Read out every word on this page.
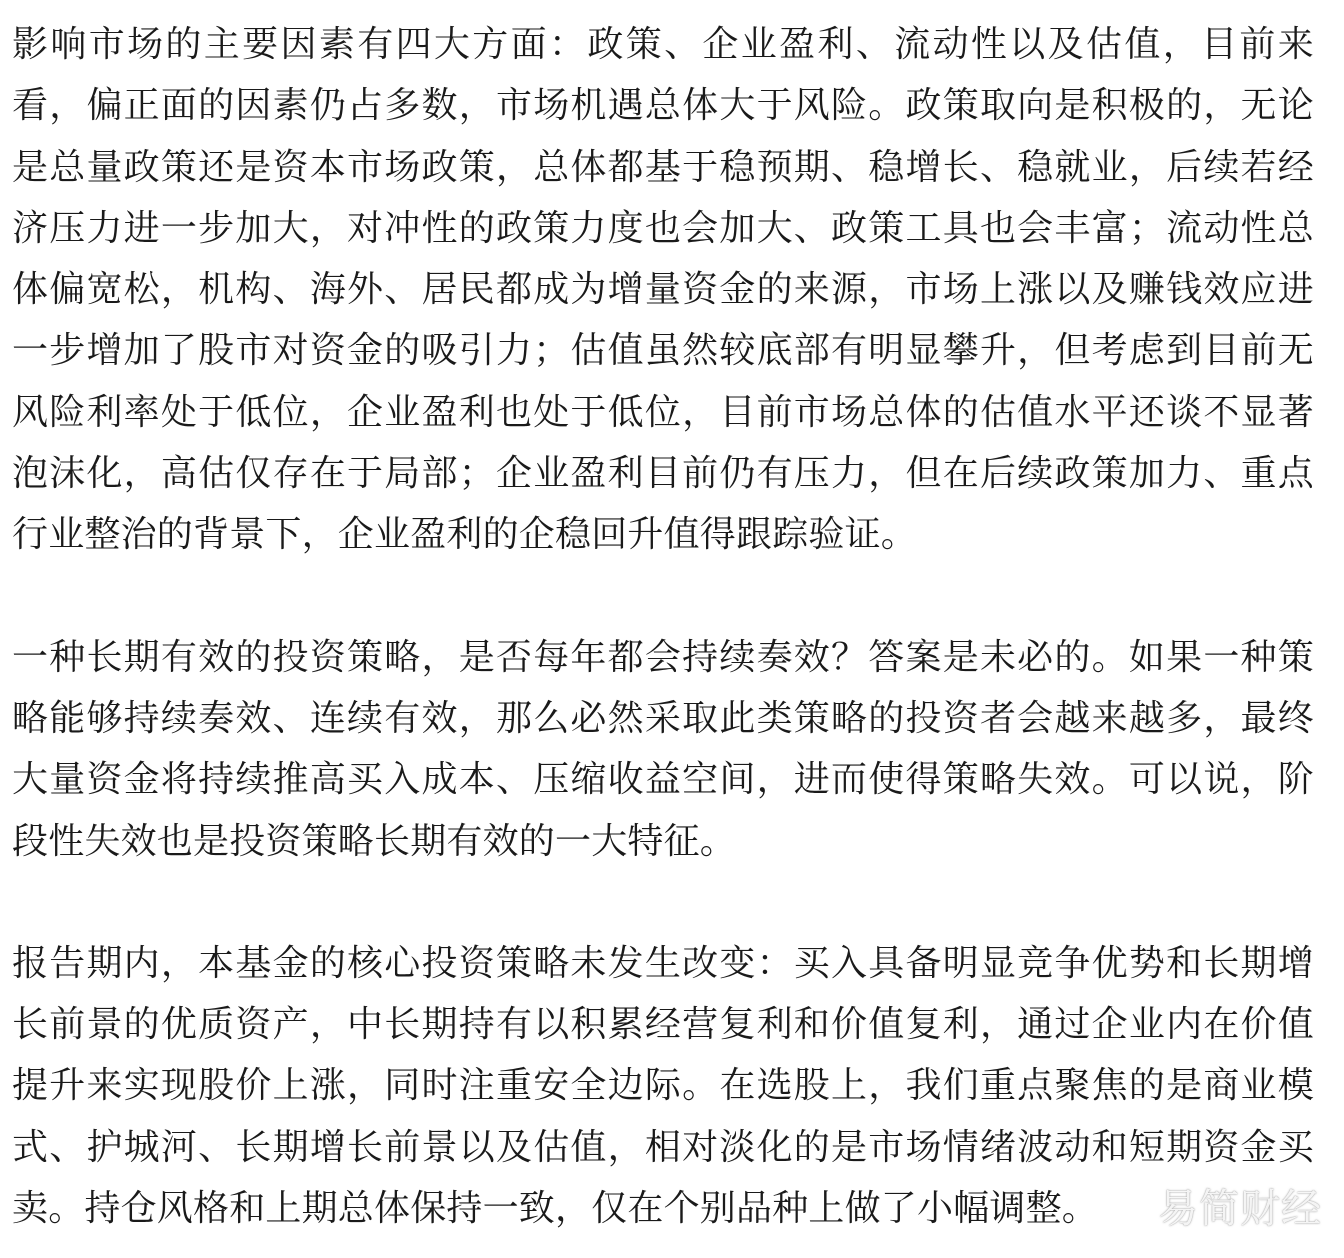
影响市场的主要因素有四大方面：政策、企业盈利、流动性以及估值，目前来看，偏正面的因素仍占多数，市场机遇总体大于风险。政策取向是积极的，无论是总量政策还是资本市场政策，总体都基于稳预期、稳增长、稳就业，后续若经济压力进一步加大，对冲性的政策力度也会加大、政策工具也会丰富；流动性总体偏宽松，机构、海外、居民都成为增量资金的来源，市场上涨以及赚钱效应进一步增加了股市对资金的吸引力；估值虽然较底部有明显攀升，但考虑到目前无风险利率处于低位，企业盈利也处于低位，目前市场总体的估值水平还谈不显著泡沫化，高估仅存在于局部；企业盈利目前仍有压力，但在后续政策加力、重点行业整治的背景下，企业盈利的企稳回升值得跟踪验证。

一种长期有效的投资策略，是否每年都会持续奏效？答案是未必的。如果一种策略能够持续奏效、连续有效，那么必然采取此类策略的投资者会越来越多，最终大量资金将持续推高买入成本、压缩收益空间，进而使得策略失效。可以说，阶段性失效也是投资策略长期有效的一大特征。

报告期内，本基金的核心投资策略未发生改变：买入具备明显竞争优势和长期增长前景的优质资产，中长期持有以积累经营复利和价值复利，通过企业内在价值提升来实现股价上涨，同时注重安全边际。在选股上，我们重点聚焦的是商业模式、护城河、长期增长前景以及估值，相对淡化的是市场情绪波动和短期资金买卖。持仓风格和上期总体保持一致，仅在个别品种上做了小幅调整。	易简财经
